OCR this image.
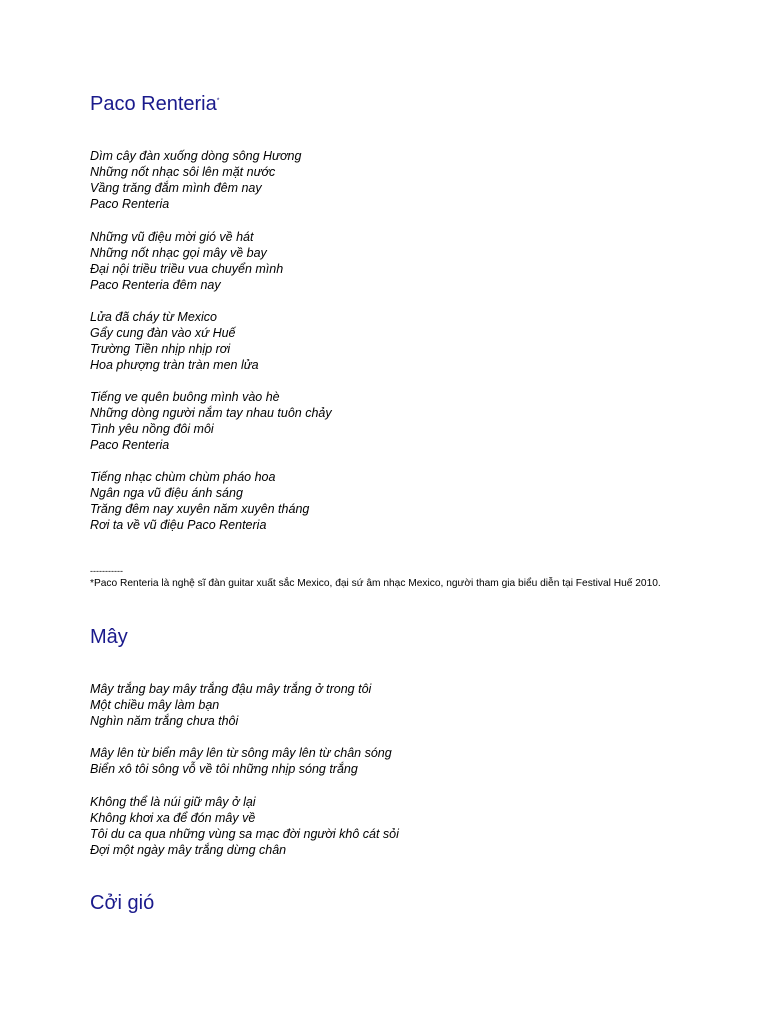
Paco Renteria*
Dìm cây đàn xuống dòng sông Hương
Những nốt nhạc sôi lên mặt nước
Vầng trăng đắm mình đêm nay
Paco Renteria
Những vũ điệu mời gió về hát
Những nốt nhạc gọi mây về bay
Đại nội triều triều vua chuyển mình
Paco Renteria đêm nay
Lửa đã cháy từ Mexico
Gẩy cung đàn vào xứ Huế
Trường Tiền nhịp nhịp rơi
Hoa phượng tràn tràn men lửa
Tiếng ve quên buông mình vào hè
Những dòng người nắm tay nhau tuôn chảy
Tình yêu nồng đôi môi
Paco Renteria
Tiếng nhạc chùm chùm pháo hoa
Ngân nga vũ điệu ánh sáng
Trăng đêm nay xuyên năm xuyên tháng
Rơi ta về vũ điệu Paco Renteria
-----------
*Paco Renteria là nghệ sĩ đàn guitar xuất sắc Mexico, đại sứ âm nhạc Mexico, người tham gia biểu diễn tại Festival Huế 2010.
Mây
Mây trắng bay mây trắng đậu mây trắng ở trong tôi
Một chiều mây làm bạn
Nghìn năm trắng chưa thôi
Mây lên từ biển mây lên từ sông mây lên từ chân sóng
Biển xô tôi sông vỗ về tôi những nhịp sóng trắng
Không thể là núi giữ mây ở lại
Không khơi xa để đón mây về
Tôi du ca qua những vùng sa mạc đời người khô cát sỏi
Đợi một ngày mây trắng dừng chân
Cởi gió
